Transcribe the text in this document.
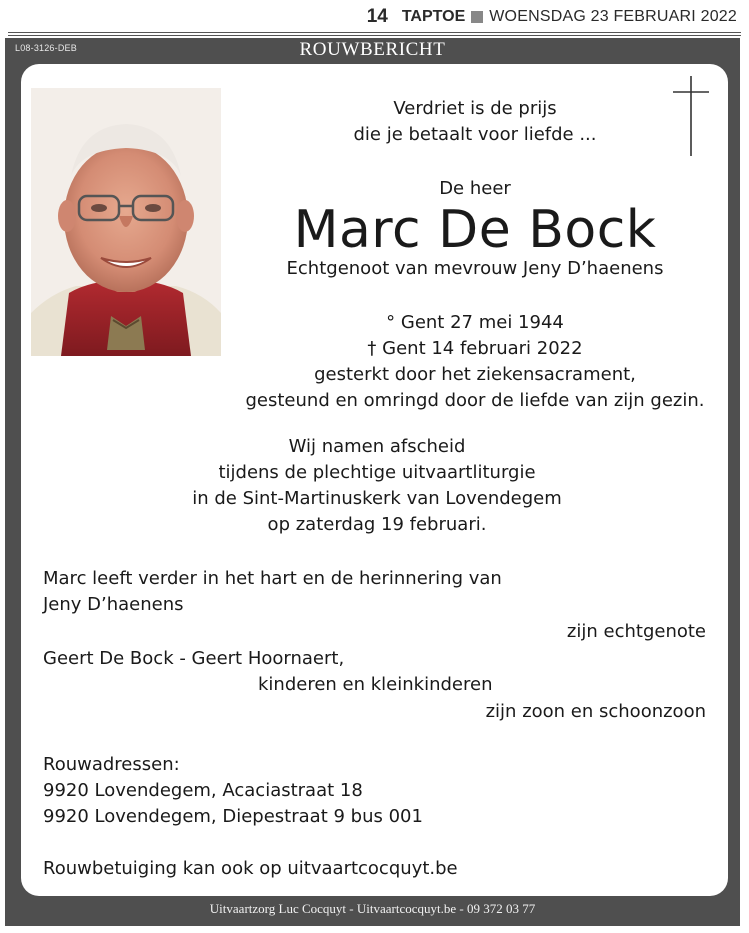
14 TAPTOE WOENSDAG 23 FEBRUARI 2022
L08-3126-DEB	ROUWBERICHT
Verdriet is de prijs
die je betaalt voor liefde ...
De heer
Marc De Bock
Echtgenoot van mevrouw Jeny D’haenens
° Gent 27 mei 1944
† Gent 14 februari 2022
gesterkt door het ziekensacrament,
gesteund en omringd door de liefde van zijn gezin.
Wij namen afscheid
tijdens de plechtige uitvaartliturgie
in de Sint-Martinuskerk van Lovendegem
op zaterdag 19 februari.
Marc leeft verder in het hart en de herinnering van
Jeny D’haenens
zijn echtgenote
Geert De Bock - Geert Hoornaert,
kinderen en kleinkinderen
zijn zoon en schoonzoon
Rouwadressen:
9920 Lovendegem, Acaciastraat 18
9920 Lovendegem, Diepestraat 9 bus 001
Rouwbetuiging kan ook op uitvaartcocquyt.be
Uitvaartzorg Luc Cocquyt - Uitvaartcocquyt.be - 09 372 03 77
